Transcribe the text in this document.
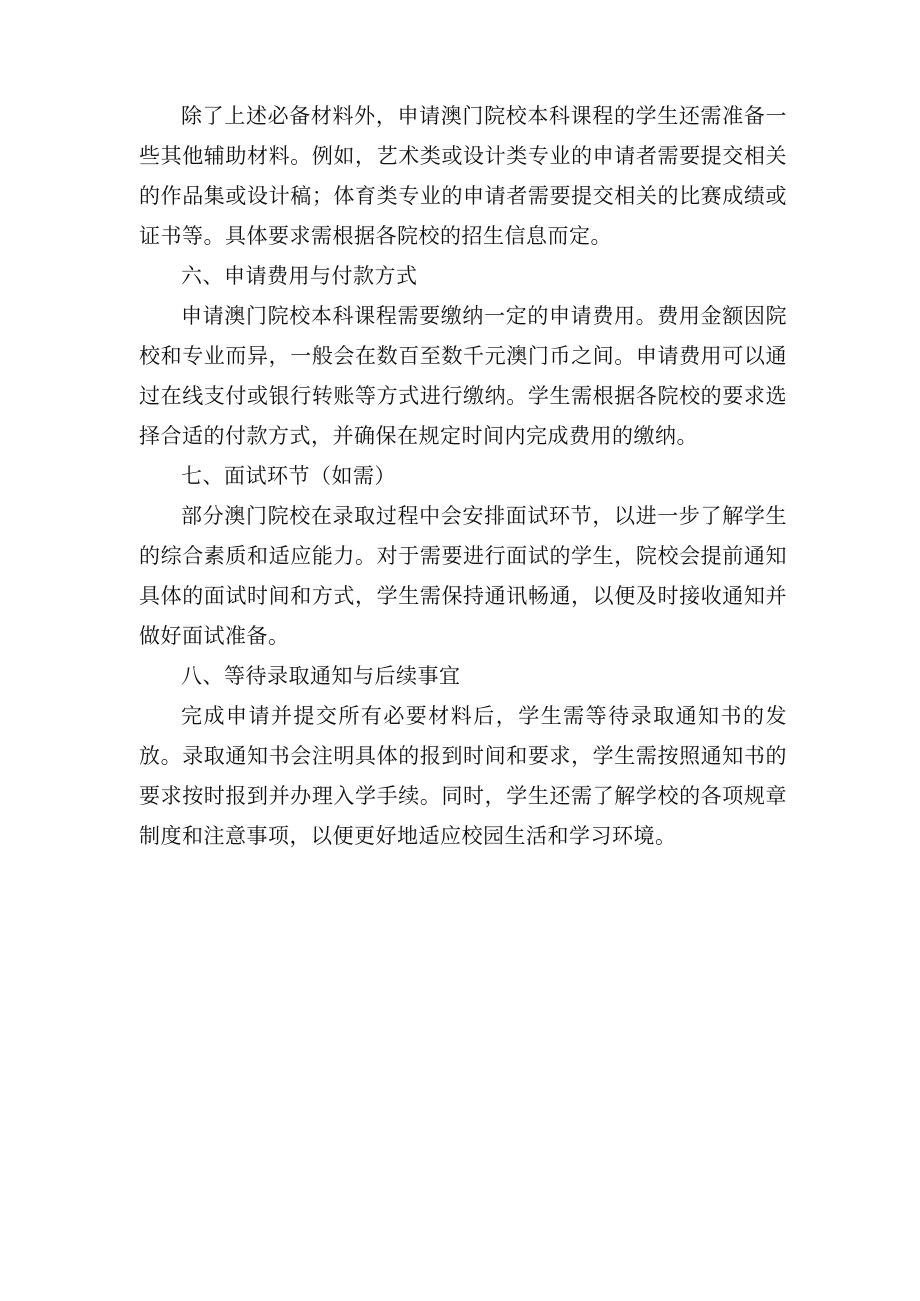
除了上述必备材料外，申请澳门院校本科课程的学生还需准备一些其他辅助材料。例如，艺术类或设计类专业的申请者需要提交相关的作品集或设计稿；体育类专业的申请者需要提交相关的比赛成绩或证书等。具体要求需根据各院校的招生信息而定。

六、申请费用与付款方式

申请澳门院校本科课程需要缴纳一定的申请费用。费用金额因院校和专业而异，一般会在数百至数千元澳门币之间。申请费用可以通过在线支付或银行转账等方式进行缴纳。学生需根据各院校的要求选择合适的付款方式，并确保在规定时间内完成费用的缴纳。

七、面试环节（如需）

部分澳门院校在录取过程中会安排面试环节，以进一步了解学生的综合素质和适应能力。对于需要进行面试的学生，院校会提前通知具体的面试时间和方式，学生需保持通讯畅通，以便及时接收通知并做好面试准备。

八、等待录取通知与后续事宜

完成申请并提交所有必要材料后，学生需等待录取通知书的发放。录取通知书会注明具体的报到时间和要求，学生需按照通知书的要求按时报到并办理入学手续。同时，学生还需了解学校的各项规章制度和注意事项，以便更好地适应校园生活和学习环境。
